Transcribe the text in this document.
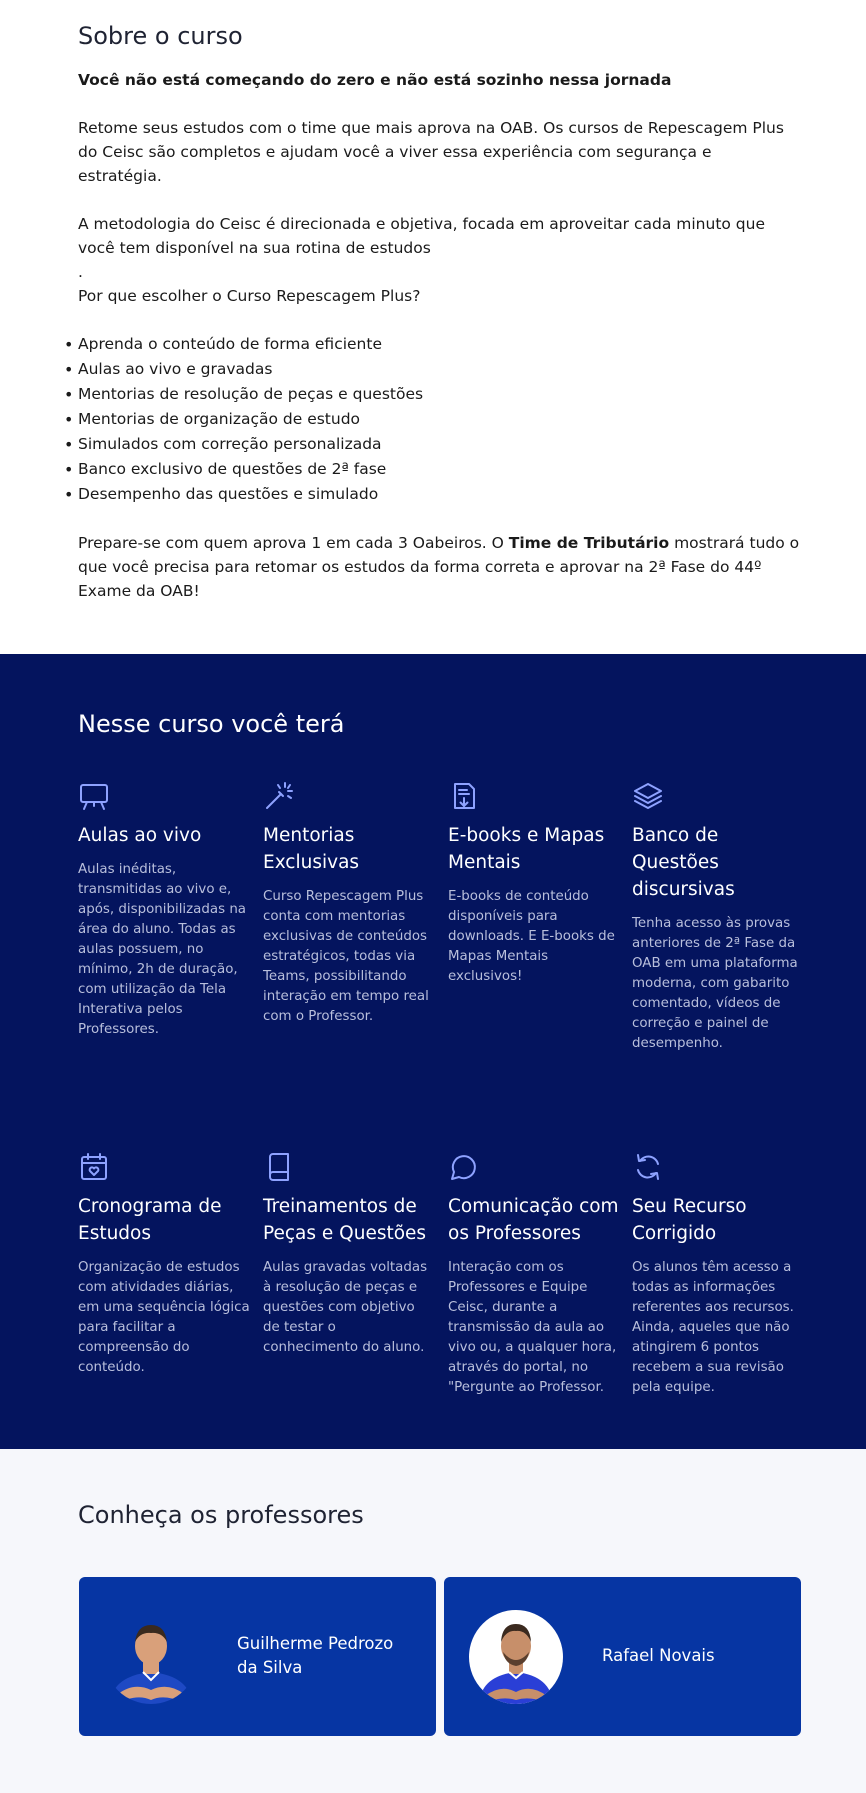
Sobre o curso
Você não está começando do zero e não está sozinho nessa jornada

Retome seus estudos com o time que mais aprova na OAB. Os cursos de Repescagem Plus do Ceisc são completos e ajudam você a viver essa experiência com segurança e estratégia.

A metodologia do Ceisc é direcionada e objetiva, focada em aproveitar cada minuto que você tem disponível na sua rotina de estudos

.

Por que escolher o Curso Repescagem Plus?

• Aprenda o conteúdo de forma eficiente
• Aulas ao vivo e gravadas
• Mentorias de resolução de peças e questões
• Mentorias de organização de estudo
• Simulados com correção personalizada
• Banco exclusivo de questões de 2ª fase
• Desempenho das questões e simulado

Prepare-se com quem aprova 1 em cada 3 Oabeiros. O Time de Tributário mostrará tudo o que você precisa para retomar os estudos da forma correta e aprovar na 2ª Fase do 44º Exame da OAB!

Nesse curso você terá
Aulas ao vivo

Aulas inéditas, transmitidas ao vivo e, após, disponibilizadas na área do aluno. Todas as aulas possuem, no mínimo, 2h de duração, com utilização da Tela Interativa pelos Professores.

Mentorias Exclusivas

Curso Repescagem Plus conta com mentorias exclusivas de conteúdos estratégicos, todas via Teams, possibilitando interação em tempo real com o Professor.

E-books e Mapas Mentais

E-books de conteúdo disponíveis para downloads. E E-books de Mapas Mentais exclusivos!

Banco de Questões discursivas

Tenha acesso às provas anteriores de 2ª Fase da OAB em uma plataforma moderna, com gabarito comentado, vídeos de correção e painel de desempenho.

Cronograma de Estudos

Organização de estudos com atividades diárias, em uma sequência lógica para facilitar a compreensão do conteúdo.

Treinamentos de Peças e Questões

Aulas gravadas voltadas à resolução de peças e questões com objetivo de testar o conhecimento do aluno.

Comunicação com os Professores

Interação com os Professores e Equipe Ceisc, durante a transmissão da aula ao vivo ou, a qualquer hora, através do portal, no "Pergunte ao Professor.

Seu Recurso Corrigido

Os alunos têm acesso a todas as informações referentes aos recursos. Ainda, aqueles que não atingirem 6 pontos recebem a sua revisão pela equipe.

Conheça os professores
Guilherme Pedrozo da Silva
Rafael Novais
